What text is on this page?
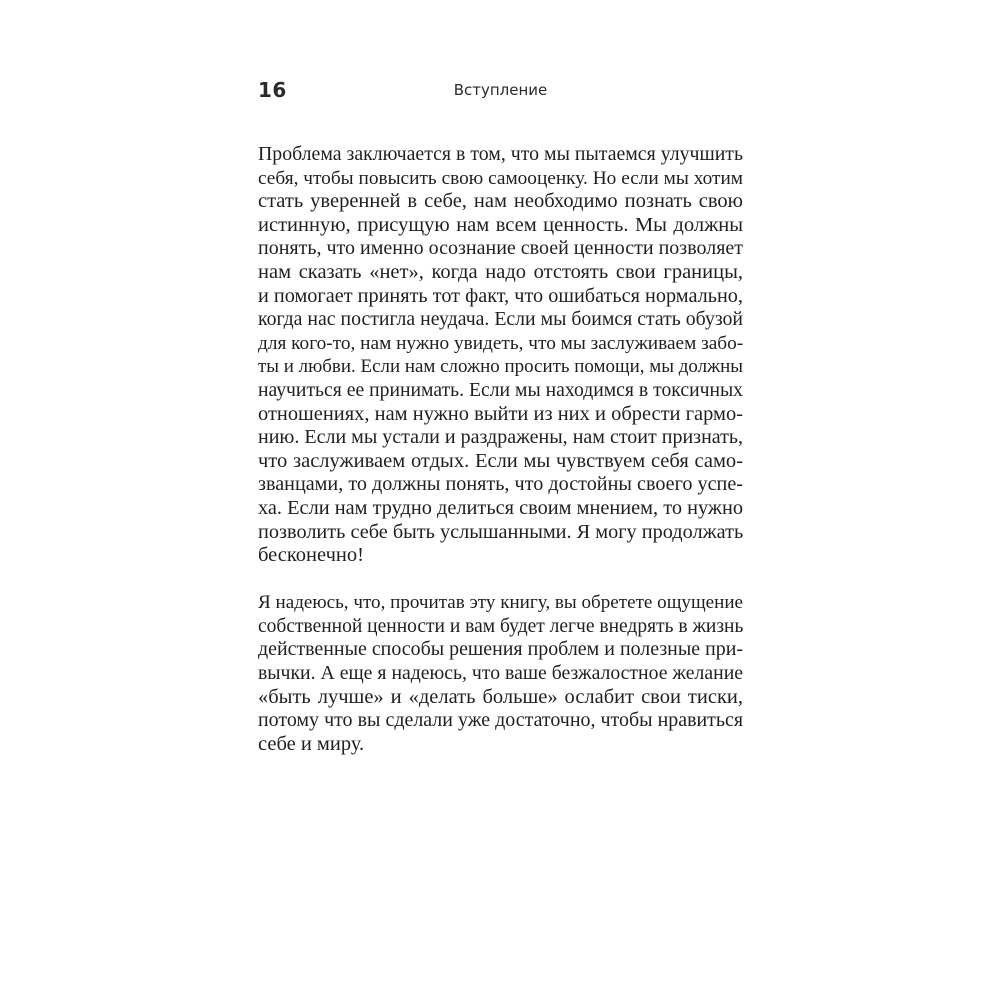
16	Вступление
Проблема заключается в том, что мы пытаемся улучшить
себя, чтобы повысить свою самооценку. Но если мы хотим
стать уверенней в себе, нам необходимо познать свою
истинную, присущую нам всем ценность. Мы должны
понять, что именно осознание своей ценности позволяет
нам сказать «нет», когда надо отстоять свои границы,
и помогает принять тот факт, что ошибаться нормально,
когда нас постигла неудача. Если мы боимся стать обузой
для кого-то, нам нужно увидеть, что мы заслуживаем забо-
ты и любви. Если нам сложно просить помощи, мы должны
научиться ее принимать. Если мы находимся в токсичных
отношениях, нам нужно выйти из них и обрести гармо-
нию. Если мы устали и раздражены, нам стоит признать,
что заслуживаем отдых. Если мы чувствуем себя само-
званцами, то должны понять, что достойны своего успе-
ха. Если нам трудно делиться своим мнением, то нужно
позволить себе быть услышанными. Я могу продолжать
бесконечно!
Я надеюсь, что, прочитав эту книгу, вы обретете ощущение
собственной ценности и вам будет легче внедрять в жизнь
действенные способы решения проблем и полезные при-
вычки. А еще я надеюсь, что ваше безжалостное желание
«быть лучше» и «делать больше» ослабит свои тиски,
потому что вы сделали уже достаточно, чтобы нравиться
себе и миру.
